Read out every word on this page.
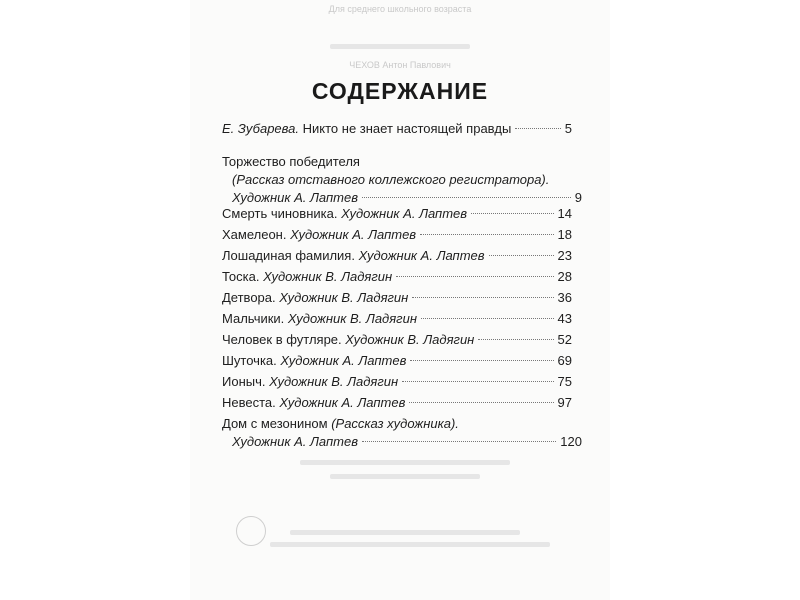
Для среднего школьного возраста
ЧЕХОВ Антон Павлович
СОДЕРЖАНИЕ
Е. Зубарева. Никто не знает настоящей правды	5
Торжество победителя
(Рассказ отставного коллежского регистратора).
Художник А. Лаптев	9
Смерть чиновника. Художник А. Лаптев	14
Хамелеон. Художник А. Лаптев	18
Лошадиная фамилия. Художник А. Лаптев	23
Тоска. Художник В. Ладягин	28
Детвора. Художник В. Ладягин	36
Мальчики. Художник В. Ладягин	43
Человек в футляре. Художник В. Ладягин	52
Шуточка. Художник А. Лаптев	69
Ионыч. Художник В. Ладягин	75
Невеста. Художник А. Лаптев	97
Дом с мезонином (Рассказ художника).
Художник А. Лаптев	120
